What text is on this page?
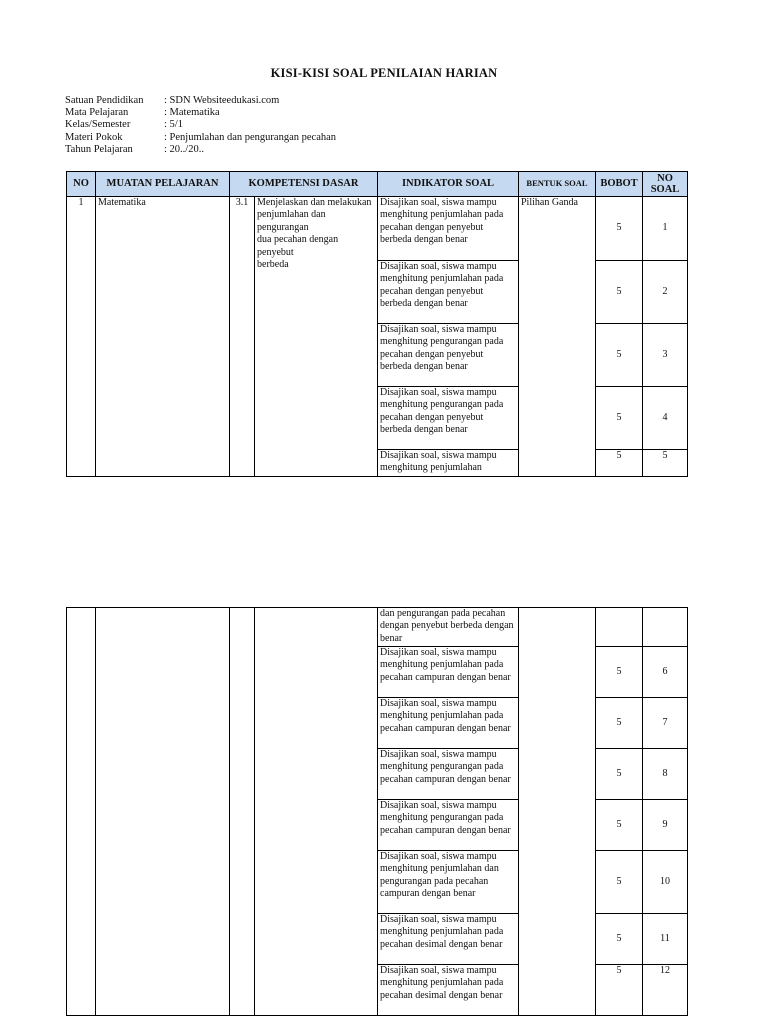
KISI-KISI SOAL PENILAIAN HARIAN
Satuan Pendidikan	: SDN Websiteedukasi.com
Mata Pelajaran	: Matematika
Kelas/Semester	: 5/1
Materi Pokok	: Penjumlahan dan pengurangan pecahan
Tahun Pelajaran	: 20../20..
NO	MUATAN PELAJARAN	KOMPETENSI DASAR		INDIKATOR SOAL	BENTUK SOAL	BOBOT	NO SOAL
1	Matematika	3.1	Menjelaskan dan melakukan penjumlahan dan pengurangan
dua pecahan dengan penyebut
berbeda	Disajikan soal, siswa mampu menghitung penjumlahan pada pecahan dengan penyebut berbeda dengan benar	Pilihan Ganda	5	1
				Disajikan soal, siswa mampu menghitung penjumlahan pada pecahan dengan penyebut berbeda dengan benar		5	2
				Disajikan soal, siswa mampu menghitung pengurangan pada pecahan dengan penyebut berbeda dengan benar		5	3
				Disajikan soal, siswa mampu menghitung pengurangan pada pecahan dengan penyebut berbeda dengan benar		5	4
				Disajikan soal, siswa mampu menghitung penjumlahan		5	5
				dan pengurangan pada pecahan dengan penyebut berbeda dengan benar			
				Disajikan soal, siswa mampu menghitung penjumlahan pada pecahan campuran dengan benar		5	6
				Disajikan soal, siswa mampu menghitung penjumlahan pada pecahan campuran dengan benar		5	7
				Disajikan soal, siswa mampu menghitung pengurangan pada pecahan campuran dengan benar		5	8
				Disajikan soal, siswa mampu menghitung pengurangan pada pecahan campuran dengan benar		5	9
				Disajikan soal, siswa mampu menghitung penjumlahan dan pengurangan pada pecahan campuran dengan benar		5	10
				Disajikan soal, siswa mampu menghitung penjumlahan pada pecahan desimal dengan benar		5	11
				Disajikan soal, siswa mampu menghitung penjumlahan pada pecahan desimal dengan benar		5	12
